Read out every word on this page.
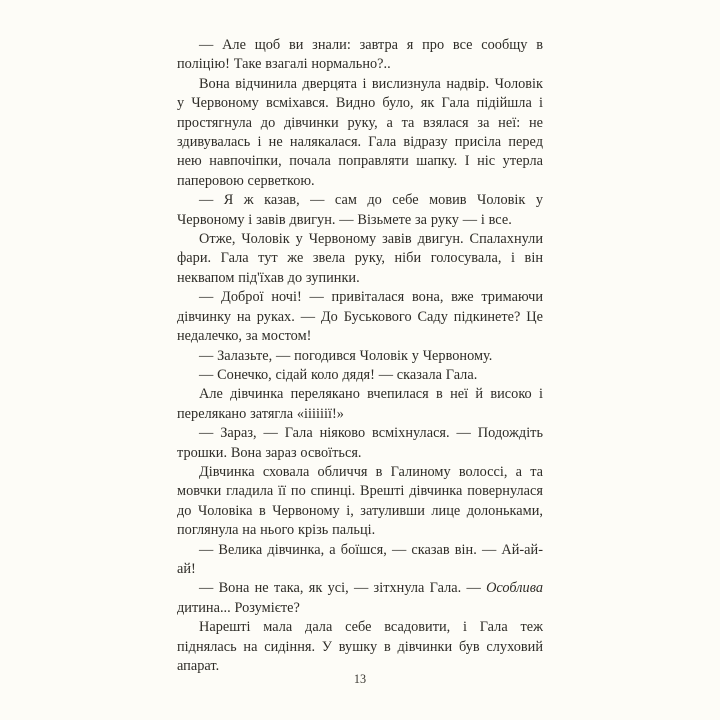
— Але щоб ви знали: завтра я про все сообщу в поліцію! Таке взагалі нормально?..

Вона відчинила дверцята і вислизнула надвір. Чоловік у Червоному всміхався. Видно було, як Гала підійшла і простягнула до дівчинки руку, а та взялася за неї: не здивувалась і не налякалася. Гала відразу присіла перед нею навпочіпки, почала поправляти шапку. І ніс утерла паперовою серветкою.

— Я ж казав, — сам до себе мовив Чоловік у Червоному і завів двигун. — Візьмете за руку — і все.

Отже, Чоловік у Червоному завів двигун. Спалахнули фари. Гала тут же звела руку, ніби голосувала, і він неквапом під'їхав до зупинки.

— Доброї ночі! — привіталася вона, вже тримаючи дівчинку на руках. — До Буськового Саду підкинете? Це недалечко, за мостом!

— Залазьте, — погодився Чоловік у Червоному.

— Сонечко, сідай коло дядя! — сказала Гала.

Але дівчинка перелякано вчепилася в неї й високо і перелякано затягла «іііііії!»

— Зараз, — Гала ніяково всміхнулася. — Подождіть трошки. Вона зараз освоїться.

Дівчинка сховала обличчя в Галиному волоссі, а та мовчки гладила її по спинці. Врешті дівчинка повернулася до Чоловіка в Червоному і, затуливши лице долоньками, поглянула на нього крізь пальці.

— Велика дівчинка, а боїшся, — сказав він. — Ай-ай-ай!

— Вона не така, як усі, — зітхнула Гала. — Особлива дитина... Розумієте?

Нарешті мала дала себе всадовити, і Гала теж піднялась на сидіння. У вушку в дівчинки був слуховий апарат.

13
